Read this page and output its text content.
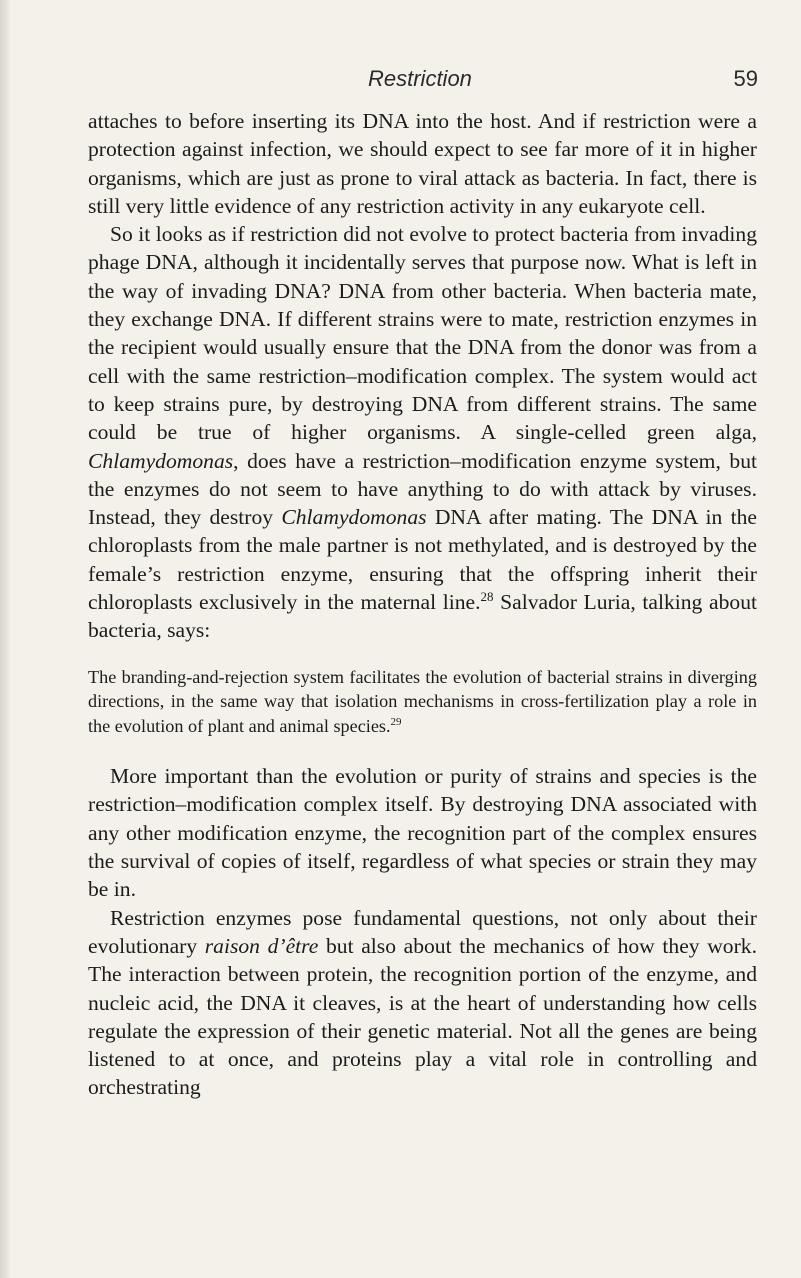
Restriction	59

attaches to before inserting its DNA into the host. And if restriction were a protection against infection, we should expect to see far more of it in higher organisms, which are just as prone to viral attack as bacteria. In fact, there is still very little evidence of any restriction activity in any eukaryote cell.

So it looks as if restriction did not evolve to protect bacteria from invading phage DNA, although it incidentally serves that purpose now. What is left in the way of invading DNA? DNA from other bacteria. When bacteria mate, they exchange DNA. If different strains were to mate, restriction enzymes in the recipient would usually ensure that the DNA from the donor was from a cell with the same restriction–modification complex. The system would act to keep strains pure, by destroying DNA from different strains. The same could be true of higher organisms. A single-celled green alga, Chlamydomonas, does have a restriction–modification enzyme system, but the enzymes do not seem to have anything to do with attack by viruses. Instead, they destroy Chlamydomonas DNA after mating. The DNA in the chloroplasts from the male partner is not methylated, and is destroyed by the female’s restriction enzyme, ensuring that the offspring inherit their chloroplasts exclusively in the maternal line.$^{28}$ Salvador Luria, talking about bacteria, says:

The branding-and-rejection system facilitates the evolution of bacterial strains in diverging directions, in the same way that isolation mechanisms in cross-fertilization play a role in the evolution of plant and animal species.$^{29}$

More important than the evolution or purity of strains and species is the restriction–modification complex itself. By destroying DNA associated with any other modification enzyme, the recognition part of the complex ensures the survival of copies of itself, regardless of what species or strain they may be in.

Restriction enzymes pose fundamental questions, not only about their evolutionary raison d’être but also about the mechanics of how they work. The interaction between protein, the recognition portion of the enzyme, and nucleic acid, the DNA it cleaves, is at the heart of understanding how cells regulate the expression of their genetic material. Not all the genes are being listened to at once, and proteins play a vital role in controlling and orchestrating
